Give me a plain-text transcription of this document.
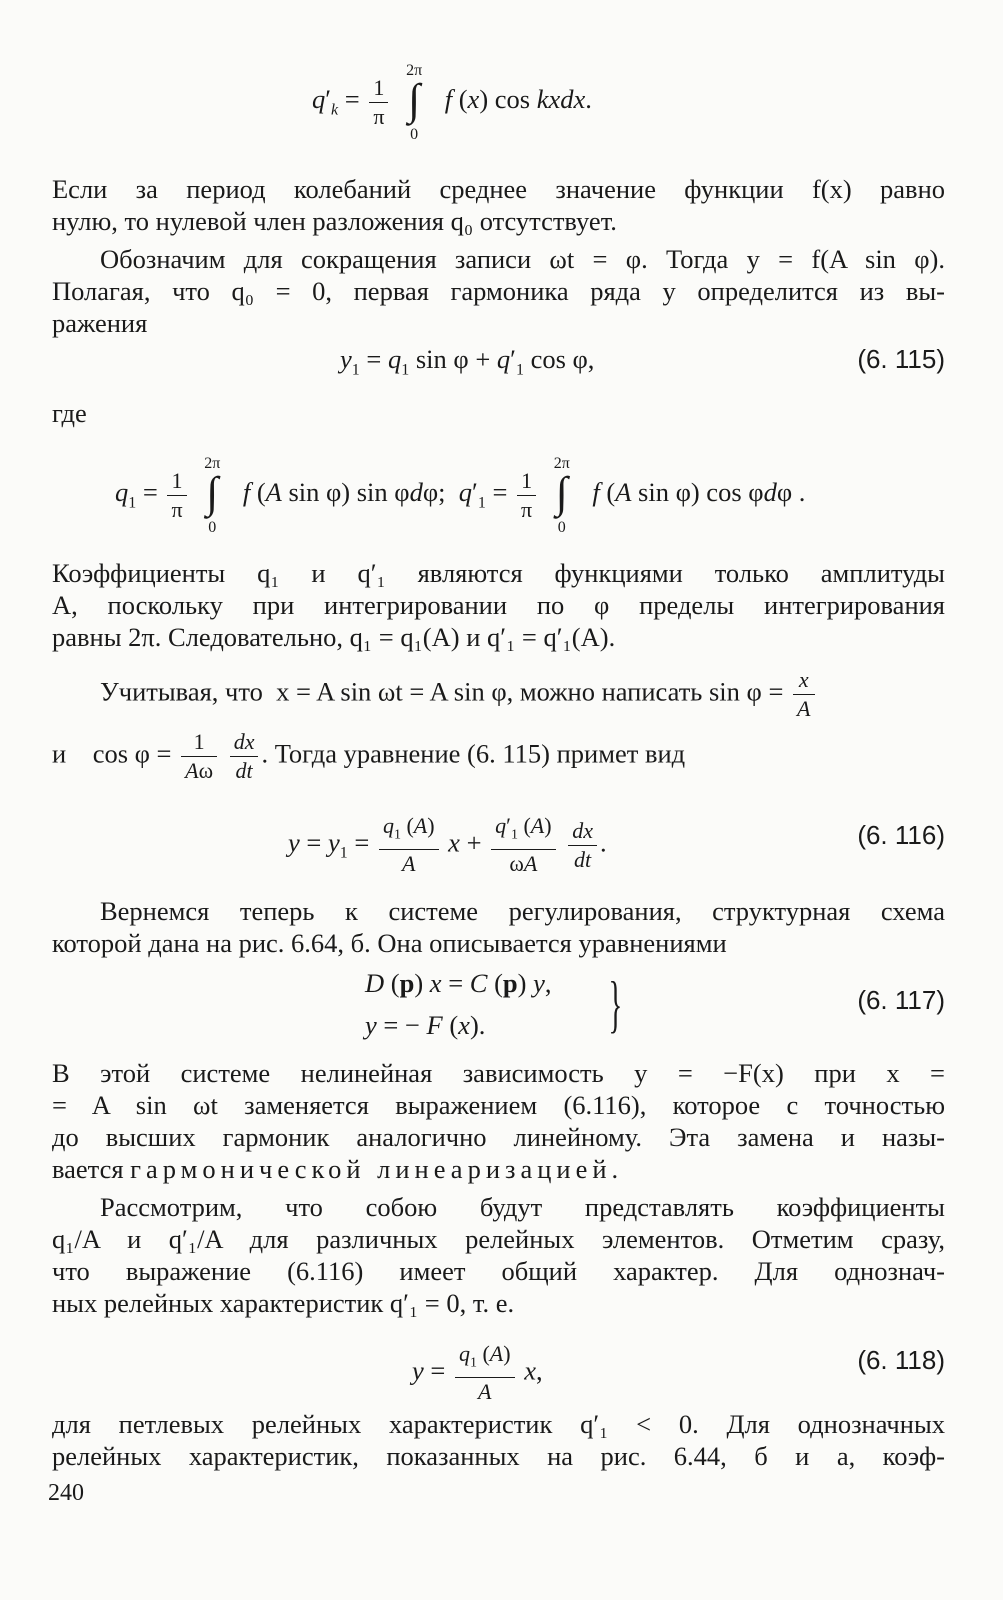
$q'_k = \frac{1}{\pi}$

2π
∫
0
f (x) cos kxdx.
Если за период колебаний среднее значение функции f(x) равно
нулю, то нулевой член разложения q₀ отсутствует.
Обозначим для сокращения записи ωt = φ. Тогда y = f(A sin φ).
Полагая, что q₀ = 0, первая гармоника ряда y определится из вы-
ражения
$y_1 = q_1$ $\sin \varphi + q'_1$ cos φ,	(6. 115)
где
$q_1 = \frac{1}{\pi}$

2π
∫
0
f (A sin φ) sin φdφ;  $q'_1 = \frac{1}{\pi}$

2π
∫
0
f (A sin φ) cos φdφ .
Коэффициенты q₁ и q′₁ являются функциями только амплитуды
A, поскольку при интегрировании по φ пределы интегрирования
равны 2π. Следовательно, q₁ = q₁(A) и q′₁ = q′₁(A).
Учитывая, что x = A sin ωt = A sin φ, можно написать $\sin \varphi = \frac{x}{A}$
и    $\cos \varphi = \frac{1}{A\omega}$
$\frac{dx}{dt}$ . Тогда уравнение (6. 115) примет вид
$y = y_1 = \frac{q_1 (A)}{A}$ $x + \frac{q'_1 (A)}{\omega A}$
$\frac{dx}{dt}$ .	(6. 116)
Вернемся теперь к системе регулирования, структурная схема
которой дана на рис. 6.64, б. Она описывается уравнениями
D (p) x = C (p) y,
y = − F (x). }	(6. 117)
В этой системе нелинейная зависимость y = −F(x) при x =
= A sin ωt заменяется выражением (6.116), которое с точностью
до высших гармоник аналогично линейному. Эта замена и назы-
вается гармонической линеаризацией.
Рассмотрим, что собою будут представлять коэффициенты
q₁/A и q′₁/A для различных релейных элементов. Отметим сразу,
что выражение (6.116) имеет общий характер. Для однознач-
ных релейных характеристик q′₁ = 0, т. е.
$y = \frac{q_1 (A)}{A} x$,	(6. 118)
для петлевых релейных характеристик q′₁ < 0. Для однозначных
релейных характеристик, показанных на рис. 6.44, б и а, коэф-
240
